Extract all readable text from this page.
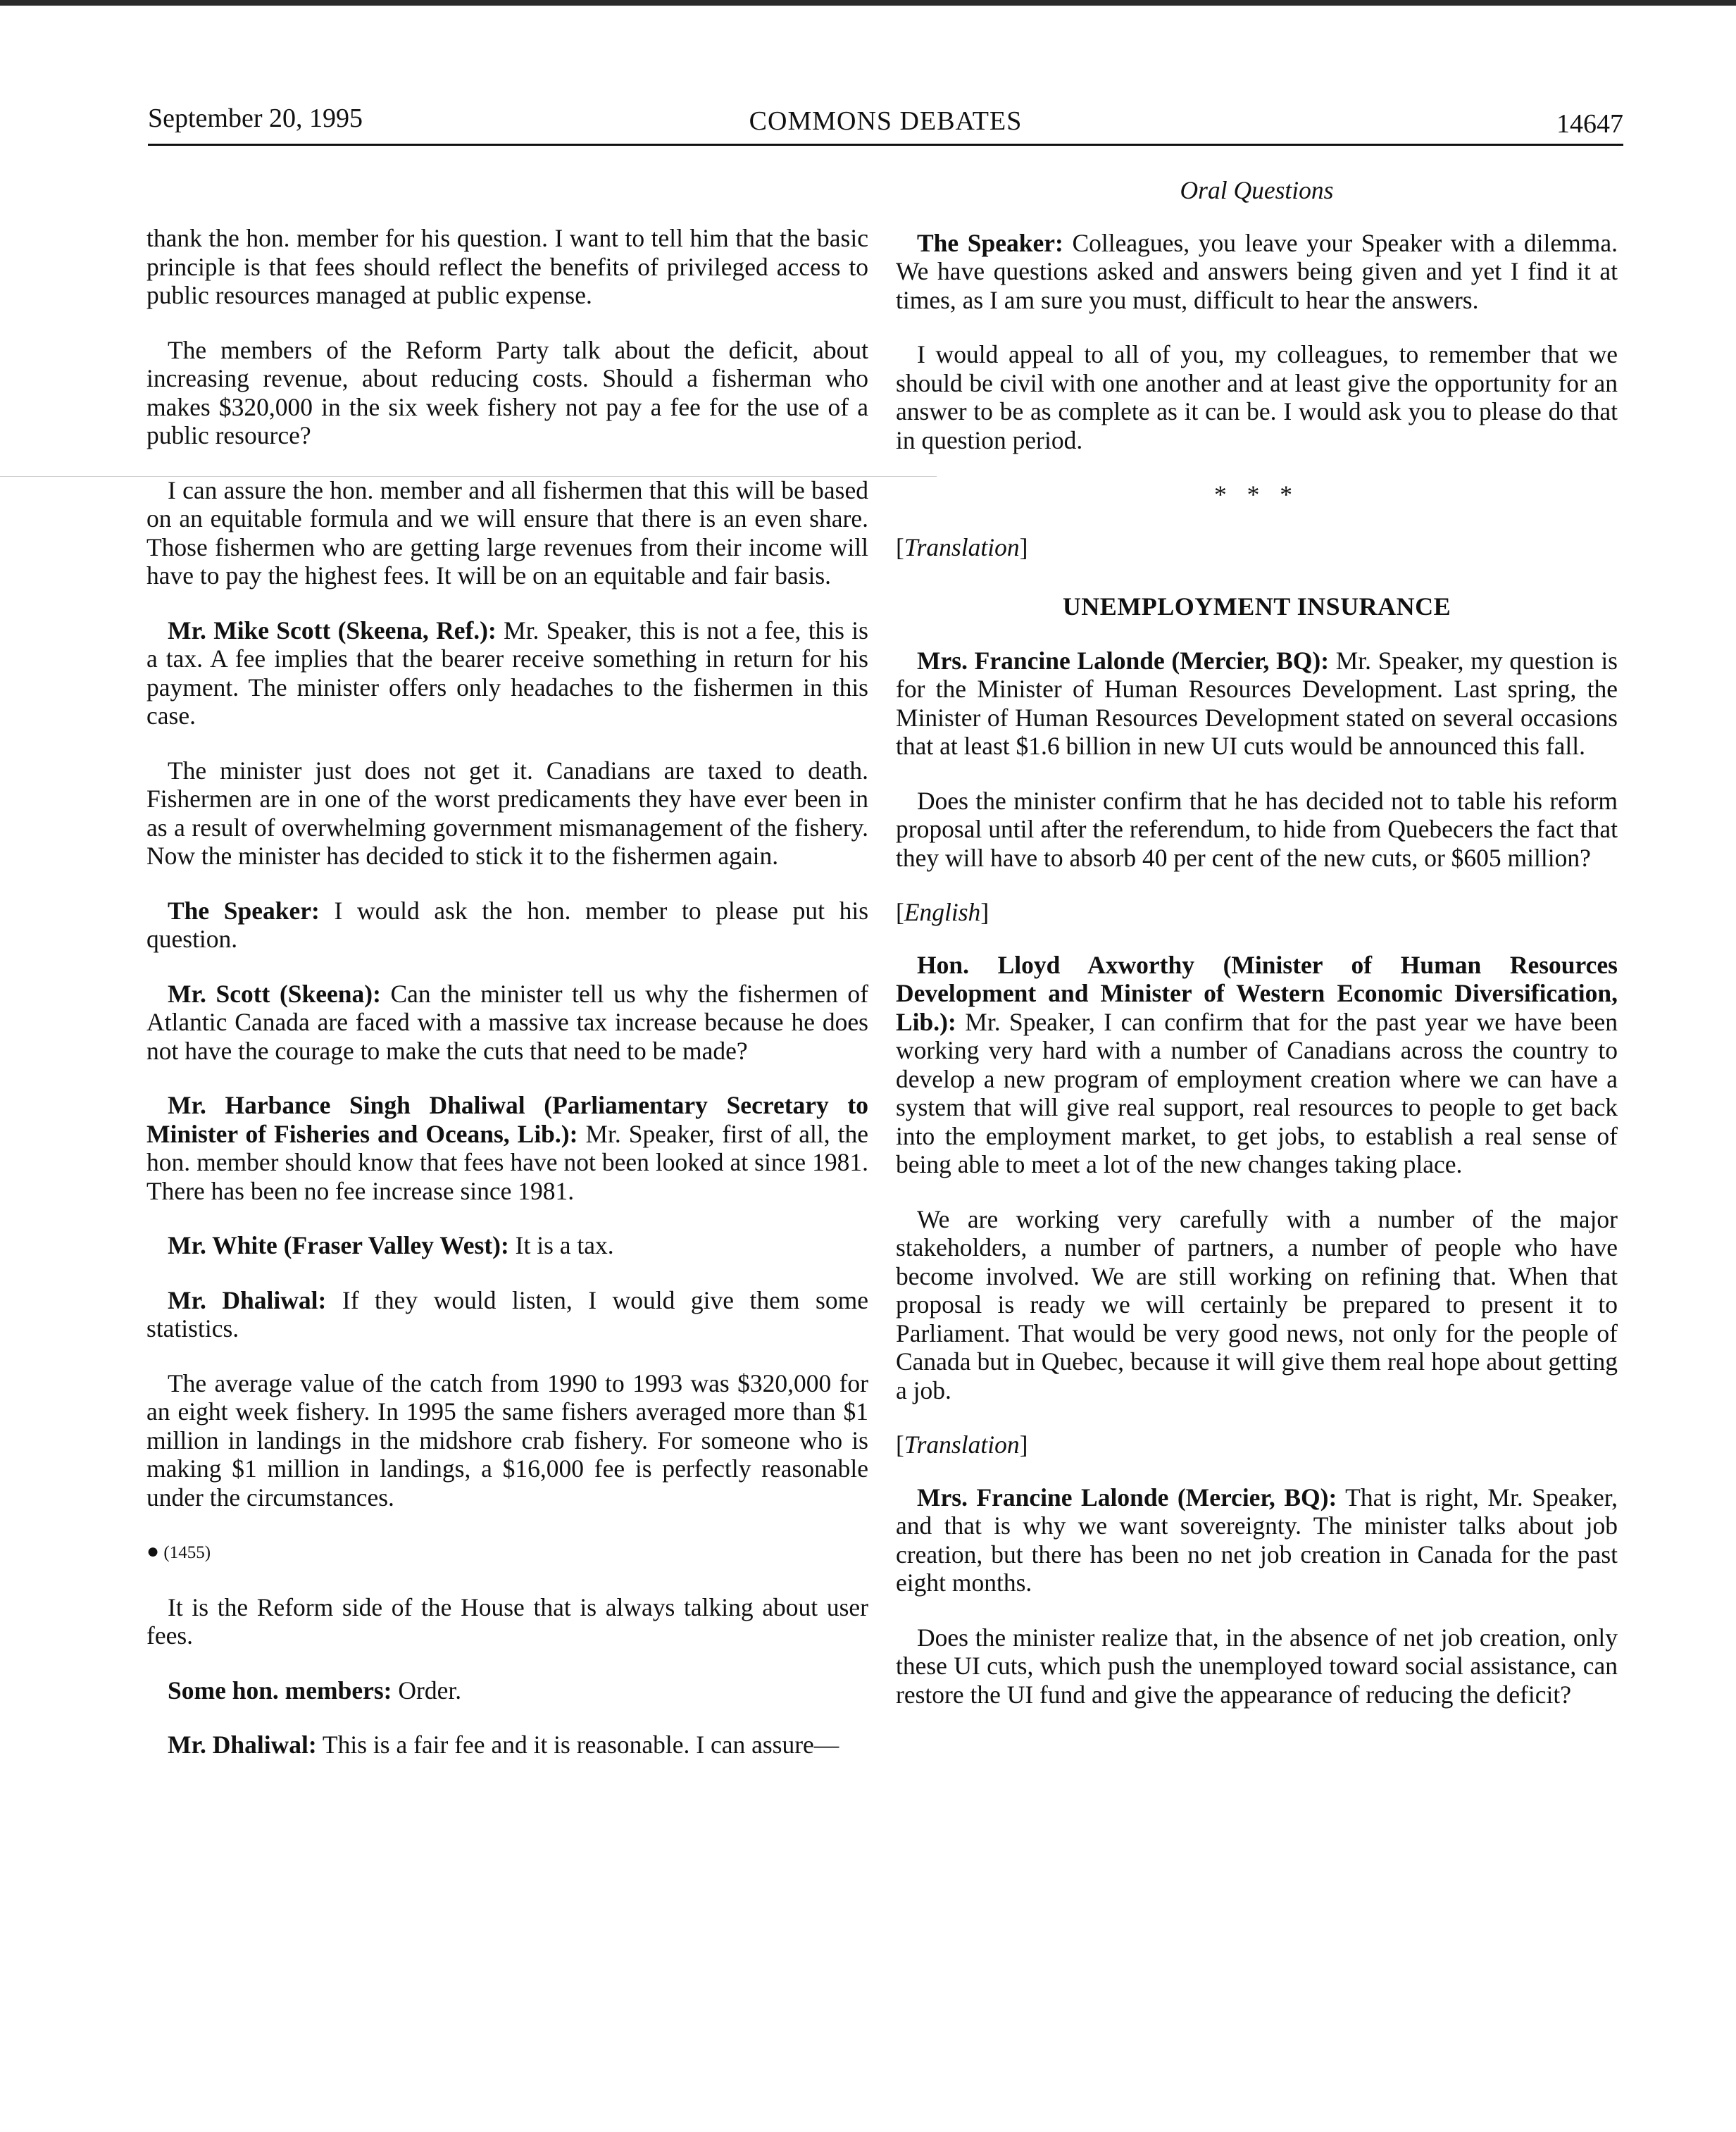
September 20, 1995	COMMONS DEBATES	14647

thank the hon. member for his question. I want to tell him that the basic principle is that fees should reflect the benefits of privileged access to public resources managed at public expense.

The members of the Reform Party talk about the deficit, about increasing revenue, about reducing costs. Should a fisherman who makes $320,000 in the six week fishery not pay a fee for the use of a public resource?

I can assure the hon. member and all fishermen that this will be based on an equitable formula and we will ensure that there is an even share. Those fishermen who are getting large revenues from their income will have to pay the highest fees. It will be on an equitable and fair basis.

Mr. Mike Scott (Skeena, Ref.): Mr. Speaker, this is not a fee, this is a tax. A fee implies that the bearer receive something in return for his payment. The minister offers only headaches to the fishermen in this case.

The minister just does not get it. Canadians are taxed to death. Fishermen are in one of the worst predicaments they have ever been in as a result of overwhelming government mismanagement of the fishery. Now the minister has decided to stick it to the fishermen again.

The Speaker: I would ask the hon. member to please put his question.

Mr. Scott (Skeena): Can the minister tell us why the fishermen of Atlantic Canada are faced with a massive tax increase because he does not have the courage to make the cuts that need to be made?

Mr. Harbance Singh Dhaliwal (Parliamentary Secretary to Minister of Fisheries and Oceans, Lib.): Mr. Speaker, first of all, the hon. member should know that fees have not been looked at since 1981. There has been no fee increase since 1981.

Mr. White (Fraser Valley West): It is a tax.

Mr. Dhaliwal: If they would listen, I would give them some statistics.

The average value of the catch from 1990 to 1993 was $320,000 for an eight week fishery. In 1995 the same fishers averaged more than $1 million in landings in the midshore crab fishery. For someone who is making $1 million in landings, a $16,000 fee is perfectly reasonable under the circumstances.

● (1455)

It is the Reform side of the House that is always talking about user fees.

Some hon. members: Order.

Mr. Dhaliwal: This is a fair fee and it is reasonable. I can assure—

Oral Questions

The Speaker: Colleagues, you leave your Speaker with a dilemma. We have questions asked and answers being given and yet I find it at times, as I am sure you must, difficult to hear the answers.

I would appeal to all of you, my colleagues, to remember that we should be civil with one another and at least give the opportunity for an answer to be as complete as it can be. I would ask you to please do that in question period.

* * *

[Translation]

UNEMPLOYMENT INSURANCE

Mrs. Francine Lalonde (Mercier, BQ): Mr. Speaker, my question is for the Minister of Human Resources Development. Last spring, the Minister of Human Resources Development stated on several occasions that at least $1.6 billion in new UI cuts would be announced this fall.

Does the minister confirm that he has decided not to table his reform proposal until after the referendum, to hide from Quebecers the fact that they will have to absorb 40 per cent of the new cuts, or $605 million?

[English]

Hon. Lloyd Axworthy (Minister of Human Resources Development and Minister of Western Economic Diversification, Lib.): Mr. Speaker, I can confirm that for the past year we have been working very hard with a number of Canadians across the country to develop a new program of employment creation where we can have a system that will give real support, real resources to people to get back into the employment market, to get jobs, to establish a real sense of being able to meet a lot of the new changes taking place.

We are working very carefully with a number of the major stakeholders, a number of partners, a number of people who have become involved. We are still working on refining that. When that proposal is ready we will certainly be prepared to present it to Parliament. That would be very good news, not only for the people of Canada but in Quebec, because it will give them real hope about getting a job.

[Translation]

Mrs. Francine Lalonde (Mercier, BQ): That is right, Mr. Speaker, and that is why we want sovereignty. The minister talks about job creation, but there has been no net job creation in Canada for the past eight months.

Does the minister realize that, in the absence of net job creation, only these UI cuts, which push the unemployed toward social assistance, can restore the UI fund and give the appearance of reducing the deficit?
